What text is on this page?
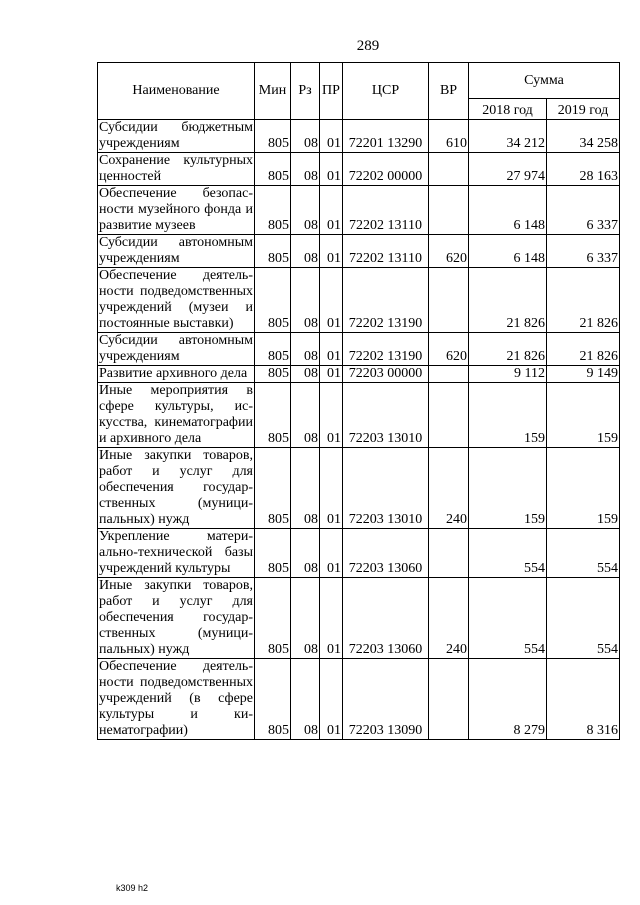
289
Наименование	Мин	Рз	ПР	ЦСР	ВР	Сумма	
						2018 год	2019 год
Субсидии бюджетным учреждениям	805	08	01	72201 13290	610	34 212	34 258
Сохранение культурных ценностей	805	08	01	72202 00000		27 974	28 163
Обеспечение безопасности музейного фонда и развитие музеев	805	08	01	72202 13110		6 148	6 337
Субсидии автономным учреждениям	805	08	01	72202 13110	620	6 148	6 337
Обеспечение деятельности подведомственных учреждений (музеи и постоянные выставки)	805	08	01	72202 13190		21 826	21 826
Субсидии автономным учреждениям	805	08	01	72202 13190	620	21 826	21 826
Развитие архивного дела	805	08	01	72203 00000		9 112	9 149
Иные мероприятия в сфере культуры, искусства, кинематографии и архивного дела	805	08	01	72203 13010		159	159
Иные закупки товаров, работ и услуг для обеспечения государственных (муниципальных) нужд	805	08	01	72203 13010	240	159	159
Укрепление материально-технической базы учреждений культуры	805	08	01	72203 13060		554	554
Иные закупки товаров, работ и услуг для обеспечения государственных (муниципальных) нужд	805	08	01	72203 13060	240	554	554
Обеспечение деятельности подведомственных учреждений (в сфере культуры и кинематографии)	805	08	01	72203 13090		8 279	8 316
k309 h2
